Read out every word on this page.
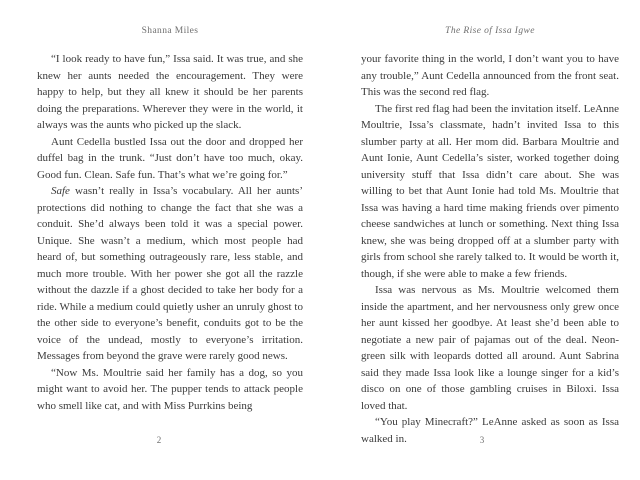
Shanna Miles

“I look ready to have fun,” Issa said. It was true, and she knew her aunts needed the encouragement. They were happy to help, but they all knew it should be her parents doing the preparations. Wherever they were in the world, it always was the aunts who picked up the slack.

Aunt Cedella bustled Issa out the door and dropped her duffel bag in the trunk. “Just don’t have too much, okay. Good fun. Clean. Safe fun. That’s what we’re going for.”

Safe wasn’t really in Issa’s vocabulary. All her aunts’ protections did nothing to change the fact that she was a conduit. She’d always been told it was a special power. Unique. She wasn’t a medium, which most people had heard of, but something outrageously rare, less stable, and much more trouble. With her power she got all the razzle without the dazzle if a ghost decided to take her body for a ride. While a medium could quietly usher an unruly ghost to the other side to everyone’s benefit, conduits got to be the voice of the undead, mostly to everyone’s irritation. Messages from beyond the grave were rarely good news.

“Now Ms. Moultrie said her family has a dog, so you might want to avoid her. The pupper tends to attack people who smell like cat, and with Miss Purrkins being

2
The Rise of Issa Igwe

your favorite thing in the world, I don’t want you to have any trouble,” Aunt Cedella announced from the front seat. This was the second red flag.

The first red flag had been the invitation itself. LeAnne Moultrie, Issa’s classmate, hadn’t invited Issa to this slumber party at all. Her mom did. Barbara Moultrie and Aunt Ionie, Aunt Cedella’s sister, worked together doing university stuff that Issa didn’t care about. She was willing to bet that Aunt Ionie had told Ms. Moultrie that Issa was having a hard time making friends over pimento cheese sandwiches at lunch or something. Next thing Issa knew, she was being dropped off at a slumber party with girls from school she rarely talked to. It would be worth it, though, if she were able to make a few friends.

Issa was nervous as Ms. Moultrie welcomed them inside the apartment, and her nervousness only grew once her aunt kissed her goodbye. At least she’d been able to negotiate a new pair of pajamas out of the deal. Neon-green silk with leopards dotted all around. Aunt Sabrina said they made Issa look like a lounge singer for a kid’s disco on one of those gambling cruises in Biloxi. Issa loved that.

“You play Minecraft?” LeAnne asked as soon as Issa walked in.	3
